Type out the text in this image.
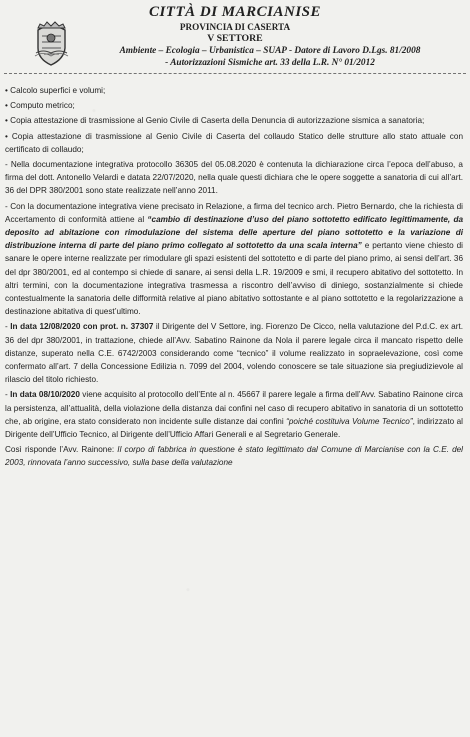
CITTÀ DI MARCIANISE
PROVINCIA DI CASERTA
V SETTORE
Ambiente – Ecologia – Urbanistica – SUAP - Datore di Lavoro D.Lgs. 81/2008
- Autorizzazioni Sismiche art. 33 della L.R. N° 01/2012
• Calcolo superfici e volumi;
• Computo metrico;
• Copia attestazione di trasmissione al Genio Civile di Caserta della Denuncia di autorizzazione sismica a sanatoria;
• Copia attestazione di trasmissione al Genio Civile di Caserta del collaudo Statico delle strutture allo stato attuale con certificato di collaudo;

- Nella documentazione integrativa protocollo 36305 del 05.08.2020 è contenuta la dichiarazione circa l’epoca dell’abuso, a firma del dott. Antonello Velardi e datata 22/07/2020, nella quale questi dichiara che le opere soggette a sanatoria di cui all’art. 36 del DPR 380/2001 sono state realizzate nell’anno 2011.

- Con la documentazione integrativa viene precisato in Relazione, a firma del tecnico arch. Pietro Bernardo, che la richiesta di Accertamento di conformità attiene al “cambio di destinazione d’uso del piano sottotetto edificato legittimamente, da deposito ad abitazione con rimodulazione del sistema delle aperture del piano sottotetto e la variazione di distribuzione interna di parte del piano primo collegato al sottotetto da una scala interna” e pertanto viene chiesto di sanare le opere interne realizzate per rimodulare gli spazi esistenti del sottotetto e di parte del piano primo, ai sensi dell’art. 36 del dpr 380/2001, ed al contempo si chiede di sanare, ai sensi della L.R. 19/2009 e smi, il recupero abitativo del sottotetto. In altri termini, con la documentazione integrativa trasmessa a riscontro dell’avviso di diniego, sostanzialmente si chiede contestualmente la sanatoria delle difformità relative al piano abitativo sottostante e al piano sottotetto e la regolarizzazione a destinazione abitativa di quest’ultimo.

- In data 12/08/2020 con prot. n. 37307 il Dirigente del V Settore, ing. Fiorenzo De Cicco, nella valutazione del P.d.C. ex art. 36 del dpr 380/2001, in trattazione, chiede all’Avv. Sabatino Rainone da Nola il parere legale circa il mancato rispetto delle distanze, superato nella C.E. 6742/2003 considerando come “tecnico” il volume realizzato in sopraelevazione, così come confermato all’art. 7 della Concessione Edilizia n. 7099 del 2004, volendo conoscere se tale situazione sia pregiudizievole al rilascio del titolo richiesto.

- In data 08/10/2020 viene acquisito al protocollo dell’Ente al n. 45667 il parere legale a firma dell’Avv. Sabatino Rainone circa la persistenza, all’attualità, della violazione della distanza dai confini nel caso di recupero abitativo in sanatoria di un sottotetto che, ab origine, era stato considerato non incidente sulle distanze dai confini “poiché costituiva Volume Tecnico”, indirizzato al Dirigente dell’Ufficio Tecnico, al Dirigente dell’Ufficio Affari Generali e al Segretario Generale.

Così risponde l’Avv. Rainone: Il corpo di fabbrica in questione è stato legittimato dal Comune di Marcianise con la C.E. del 2003, rinnovata l’anno successivo, sulla base della valutazione
